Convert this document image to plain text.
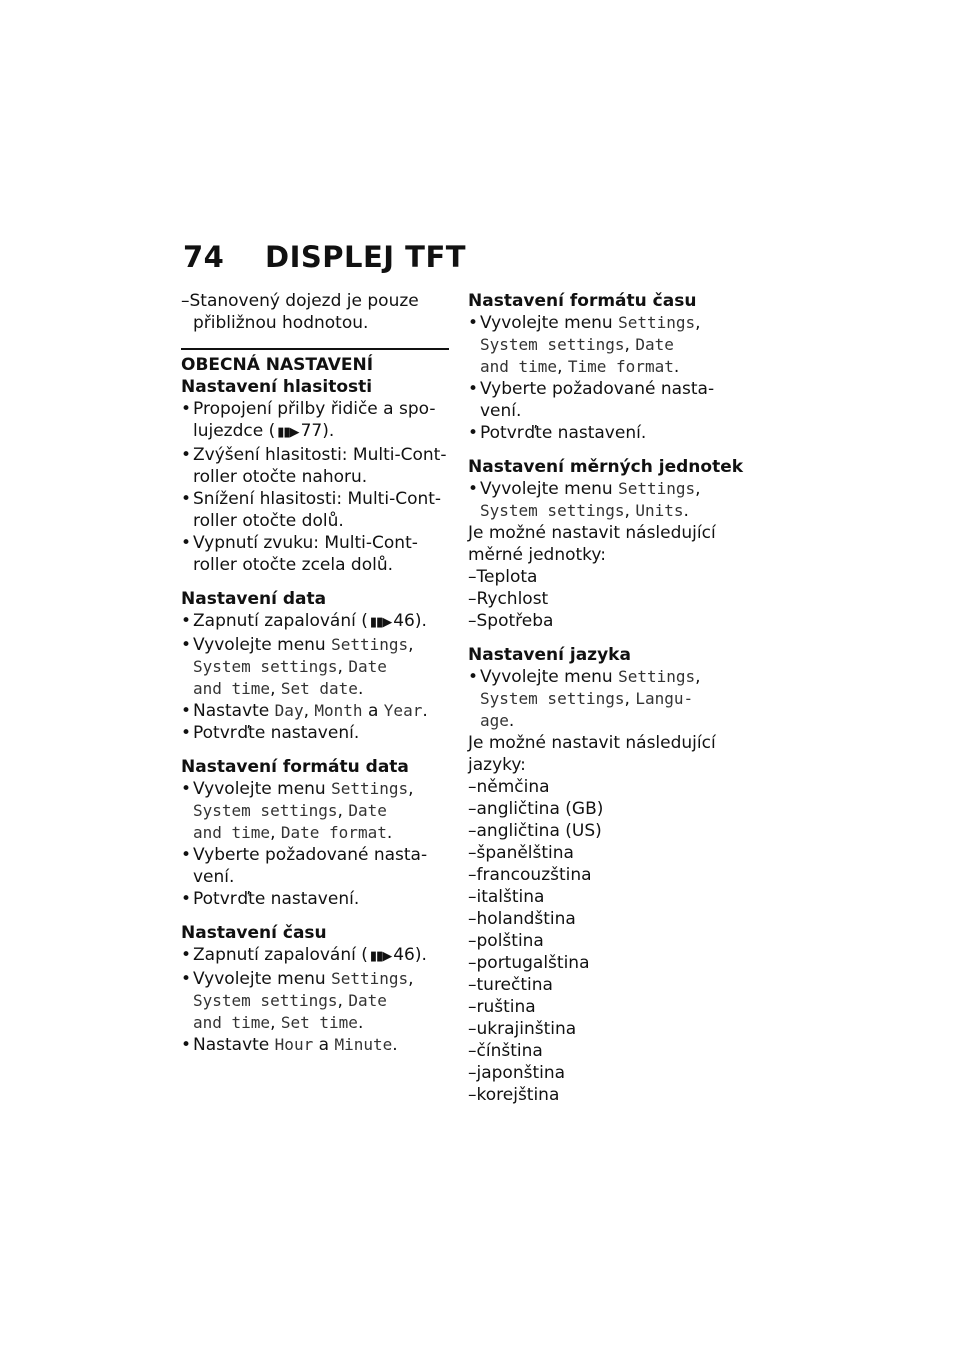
74 DISPLEJ TFT
–Stanovený dojezd je pouze
přibližnou hodnotou.
OBECNÁ NASTAVENÍ
Nastavení hlasitosti
• Propojení přilby řidiče a spo-
lujezdce ( ▮▮▶ 77).
• Zvýšení hlasitosti: Multi-Cont-
roller otočte nahoru.
• Snížení hlasitosti: Multi-Cont-
roller otočte dolů.
• Vypnutí zvuku: Multi-Cont-
roller otočte zcela dolů.
Nastavení data
• Zapnutí zapalování ( ▮▮▶ 46).
• Vyvolejte menu Settings,
System settings, Date
and time, Set date.
• Nastavte Day, Month a Year.
• Potvrďte nastavení.
Nastavení formátu data
• Vyvolejte menu Settings,
System settings, Date
and time, Date format.
• Vyberte požadované nasta-
vení.
• Potvrďte nastavení.
Nastavení času
• Zapnutí zapalování ( ▮▮▶ 46).
• Vyvolejte menu Settings,
System settings, Date
and time, Set time.
• Nastavte Hour a Minute.
Nastavení formátu času
• Vyvolejte menu Settings,
System settings, Date
and time, Time format.
• Vyberte požadované nasta-
vení.
• Potvrďte nastavení.
Nastavení měrných jednotek
• Vyvolejte menu Settings,
System settings, Units.
Je možné nastavit následující
měrné jednotky:
–Teplota
–Rychlost
–Spotřeba
Nastavení jazyka
• Vyvolejte menu Settings,
System settings, Langu-
age.
Je možné nastavit následující
jazyky:
–němčina
–angličtina (GB)
–angličtina (US)
–španělština
–francouzština
–italština
–holandština
–polština
–portugalština
–turečtina
–ruština
–ukrajinština
–čínština
–japonština
–korejština
